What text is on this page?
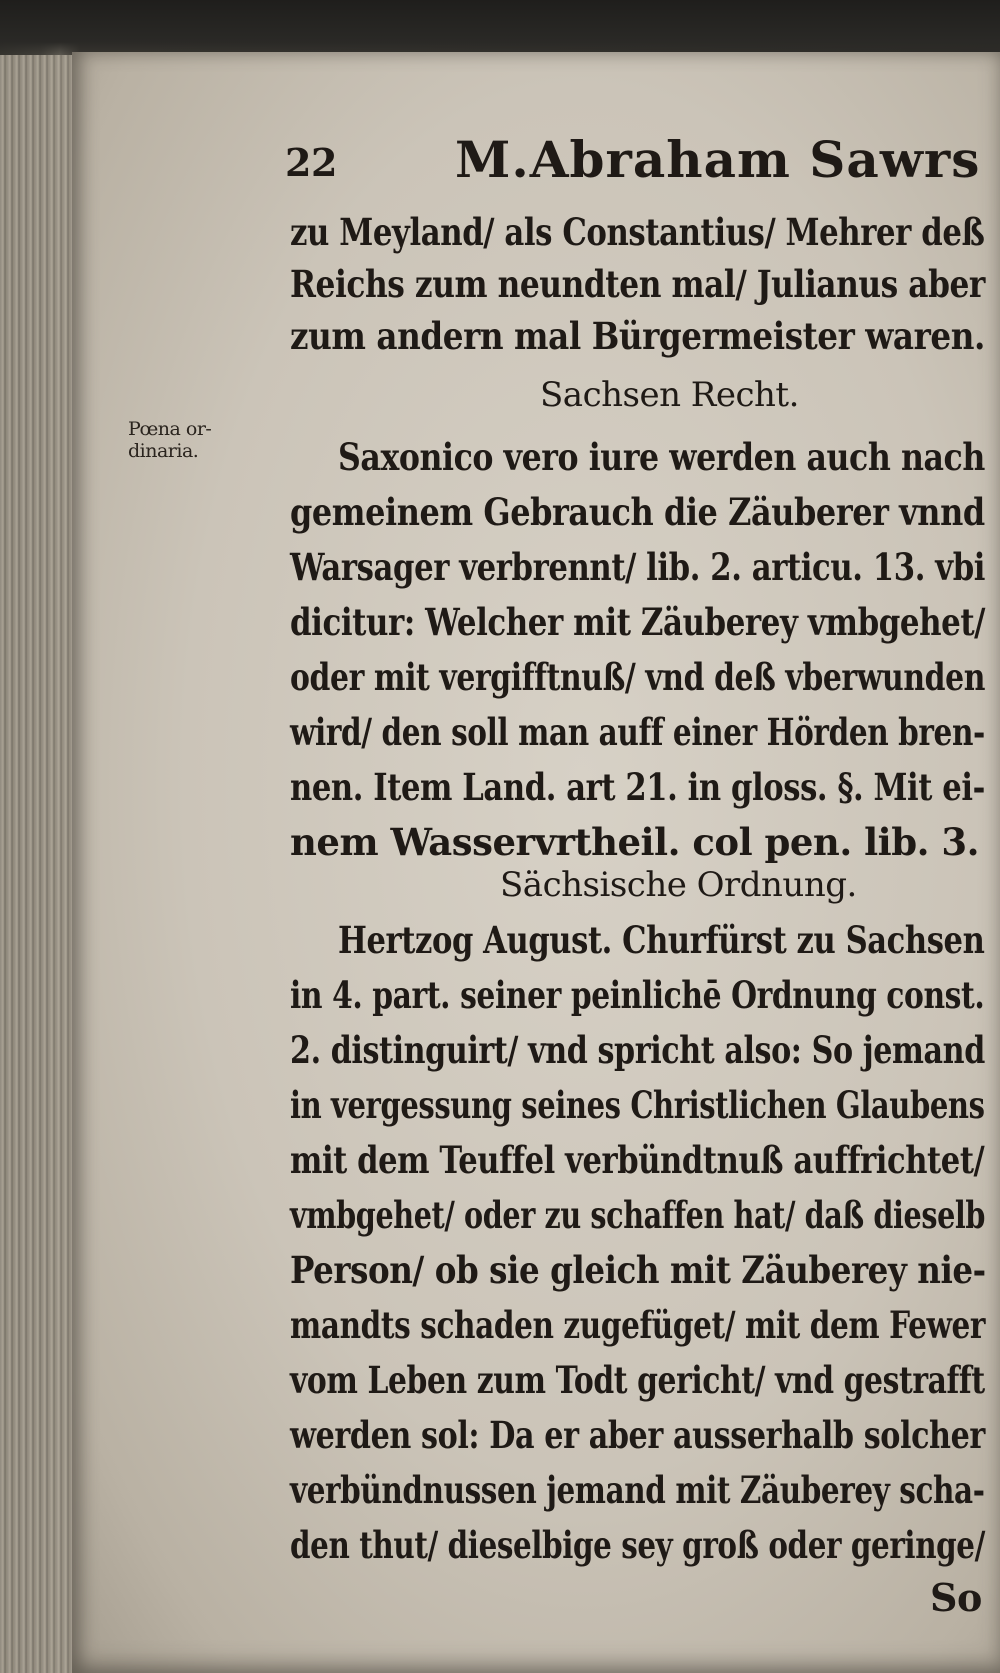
22 M.Abraham Sawrs
Pœna or-
dinaria.
zu Meyland/ als Constantius/ Mehrer deß
Reichs zum neundten mal/ Julianus aber
zum andern mal Bürgermeister waren.
Sachsen Recht.
Saxonico vero iure werden auch nach
gemeinem Gebrauch die Zäuberer vnnd
Warsager verbrennt/ lib. 2. articu. 13. vbi
dicitur: Welcher mit Zäuberey vmbgehet/
oder mit vergifftnuß/ vnd deß vberwunden
wird/ den soll man auff einer Hörden bren-
nen. Item Land. art 21. in gloss. §. Mit ei-
nem Wasservrtheil. col pen. lib. 3.
Sächsische Ordnung.
Hertzog August. Churfürst zu Sachsen
in 4. part. seiner peinlichē Ordnung const.
2. distinguirt/ vnd spricht also: So jemand
in vergessung seines Christlichen Glaubens
mit dem Teuffel verbündtnuß auffrichtet/
vmbgehet/ oder zu schaffen hat/ daß dieselb
Person/ ob sie gleich mit Zäuberey nie-
mandts schaden zugefüget/ mit dem Fewer
vom Leben zum Todt gericht/ vnd gestrafft
werden sol: Da er aber ausserhalb solcher
verbündnussen jemand mit Zäuberey scha-
den thut/ dieselbige sey groß oder geringe/
So
